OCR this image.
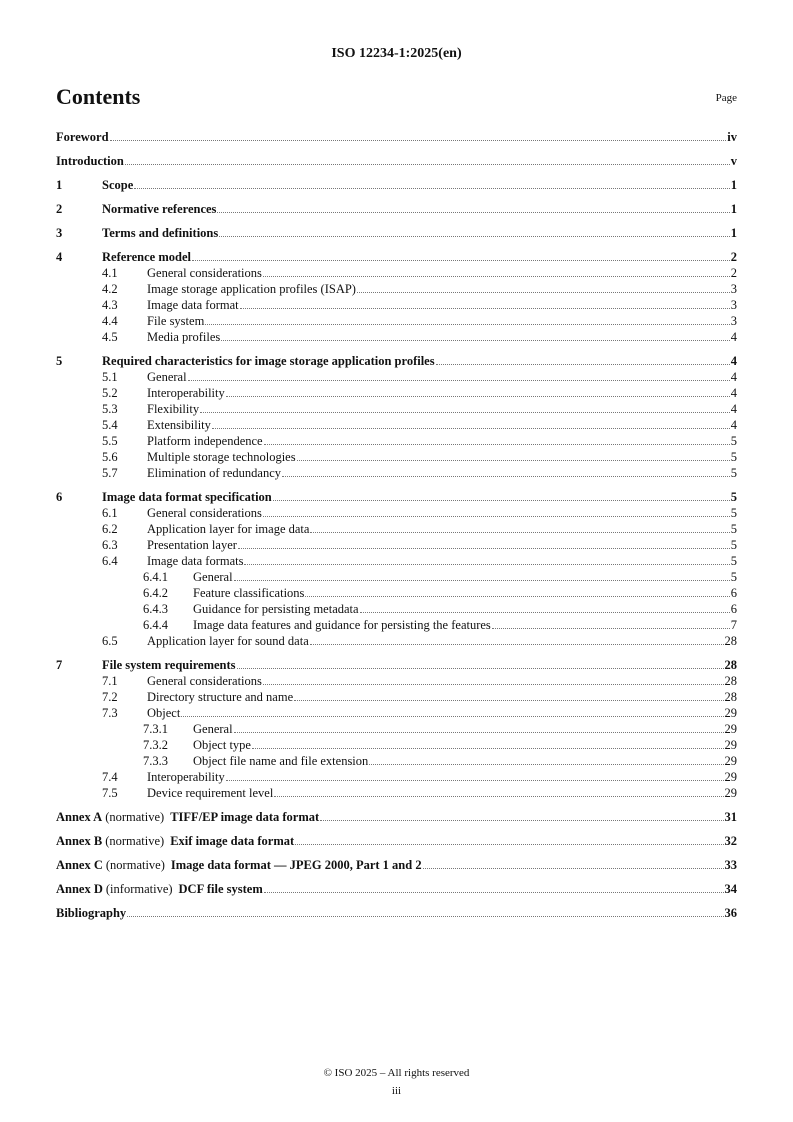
ISO 12234-1:2025(en)
Contents	Page
Foreword	iv
Introduction	v
1	Scope	1
2	Normative references	1
3	Terms and definitions	1
4	Reference model	2
4.1	General considerations	2
4.2	Image storage application profiles (ISAP)	3
4.3	Image data format	3
4.4	File system	3
4.5	Media profiles	4
5	Required characteristics for image storage application profiles	4
5.1	General	4
5.2	Interoperability	4
5.3	Flexibility	4
5.4	Extensibility	4
5.5	Platform independence	5
5.6	Multiple storage technologies	5
5.7	Elimination of redundancy	5
6	Image data format specification	5
6.1	General considerations	5
6.2	Application layer for image data	5
6.3	Presentation layer	5
6.4	Image data formats	5
6.4.1	General	5
6.4.2	Feature classifications	6
6.4.3	Guidance for persisting metadata	6
6.4.4	Image data features and guidance for persisting the features	7
6.5	Application layer for sound data	28
7	File system requirements	28
7.1	General considerations	28
7.2	Directory structure and name	28
7.3	Object	29
7.3.1	General	29
7.3.2	Object type	29
7.3.3	Object file name and file extension	29
7.4	Interoperability	29
7.5	Device requirement level	29
Annex A (normative) TIFF/EP image data format	31
Annex B (normative) Exif image data format	32
Annex C (normative) Image data format — JPEG 2000, Part 1 and 2	33
Annex D (informative) DCF file system	34
Bibliography	36
© ISO 2025 – All rights reserved
iii
